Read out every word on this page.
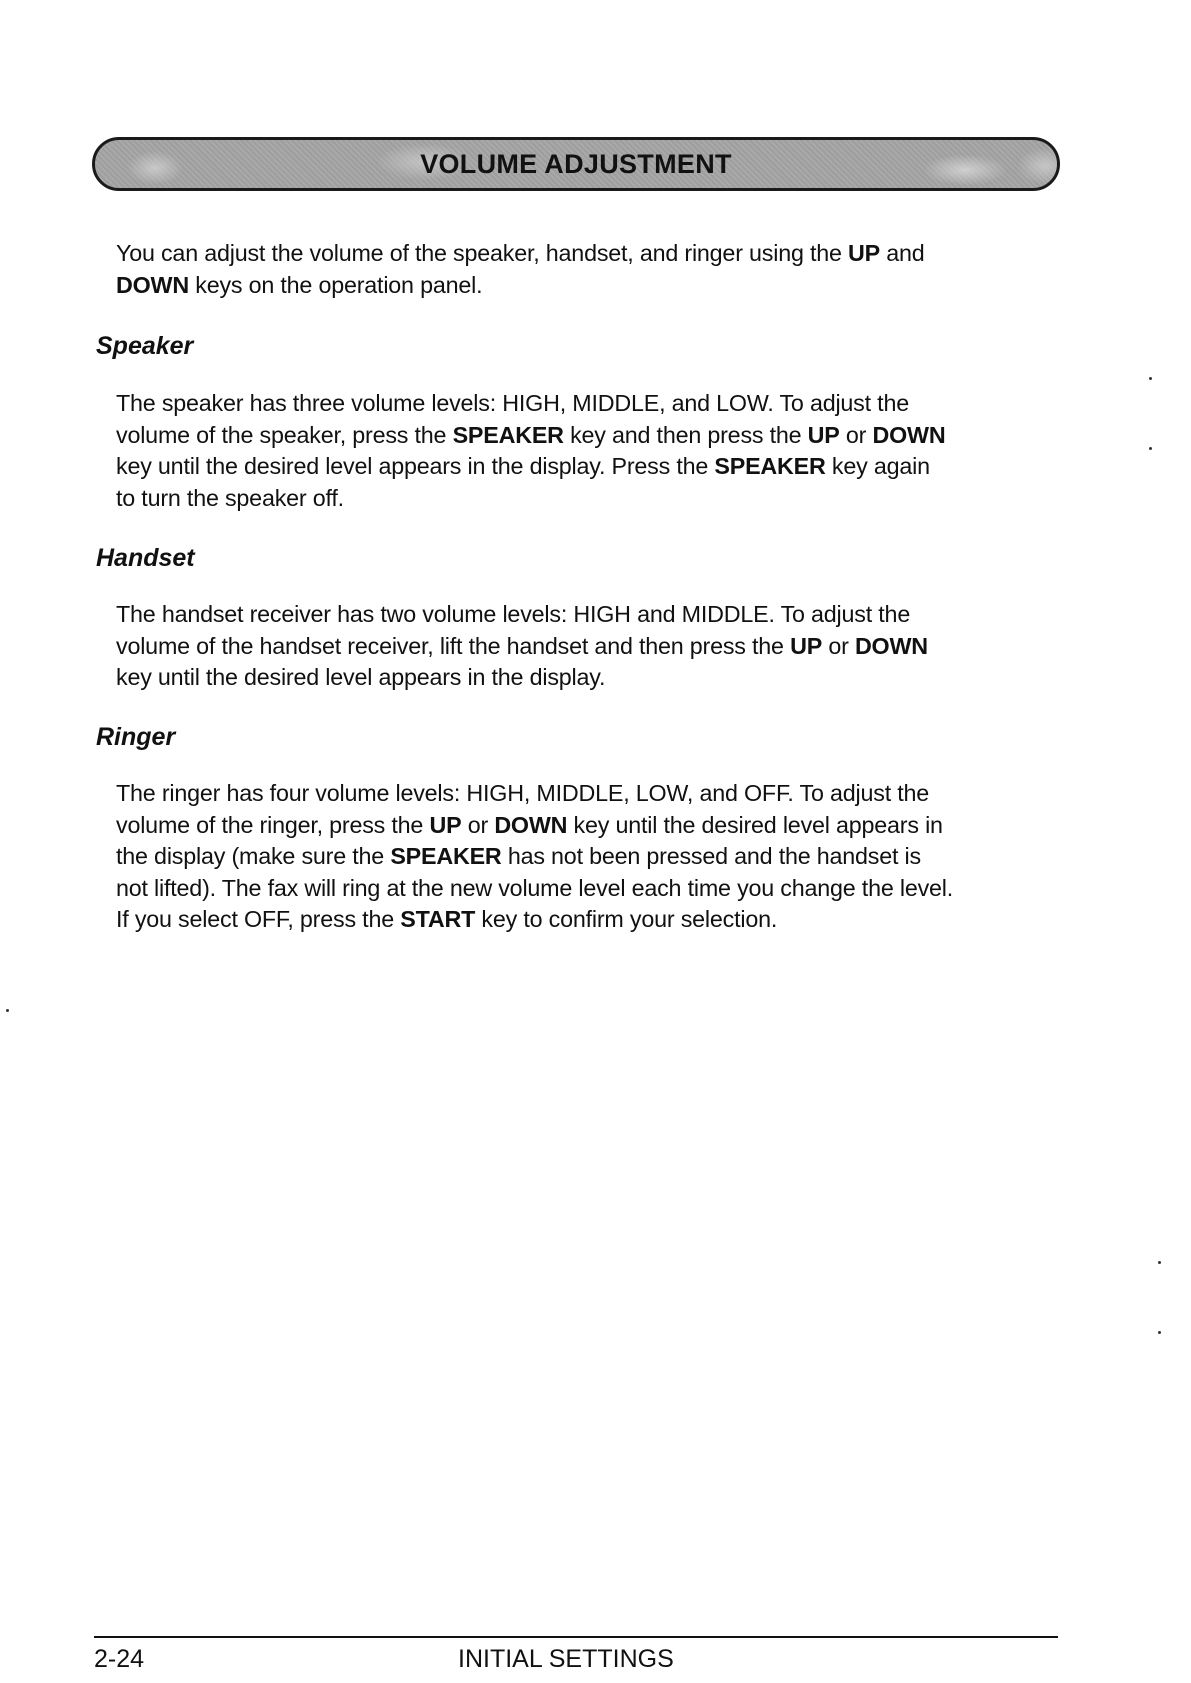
VOLUME ADJUSTMENT

You can adjust the volume of the speaker, handset, and ringer using the UP and
DOWN keys on the operation panel.

Speaker

The speaker has three volume levels: HIGH, MIDDLE, and LOW. To adjust the
volume of the speaker, press the SPEAKER key and then press the UP or DOWN
key until the desired level appears in the display. Press the SPEAKER key again
to turn the speaker off.

Handset

The handset receiver has two volume levels: HIGH and MIDDLE. To adjust the
volume of the handset receiver, lift the handset and then press the UP or DOWN
key until the desired level appears in the display.

Ringer

The ringer has four volume levels: HIGH, MIDDLE, LOW, and OFF. To adjust the
volume of the ringer, press the UP or DOWN key until the desired level appears in
the display (make sure the SPEAKER has not been pressed and the handset is
not lifted). The fax will ring at the new volume level each time you change the level.
If you select OFF, press the START key to confirm your selection.

2-24	INITIAL SETTINGS
